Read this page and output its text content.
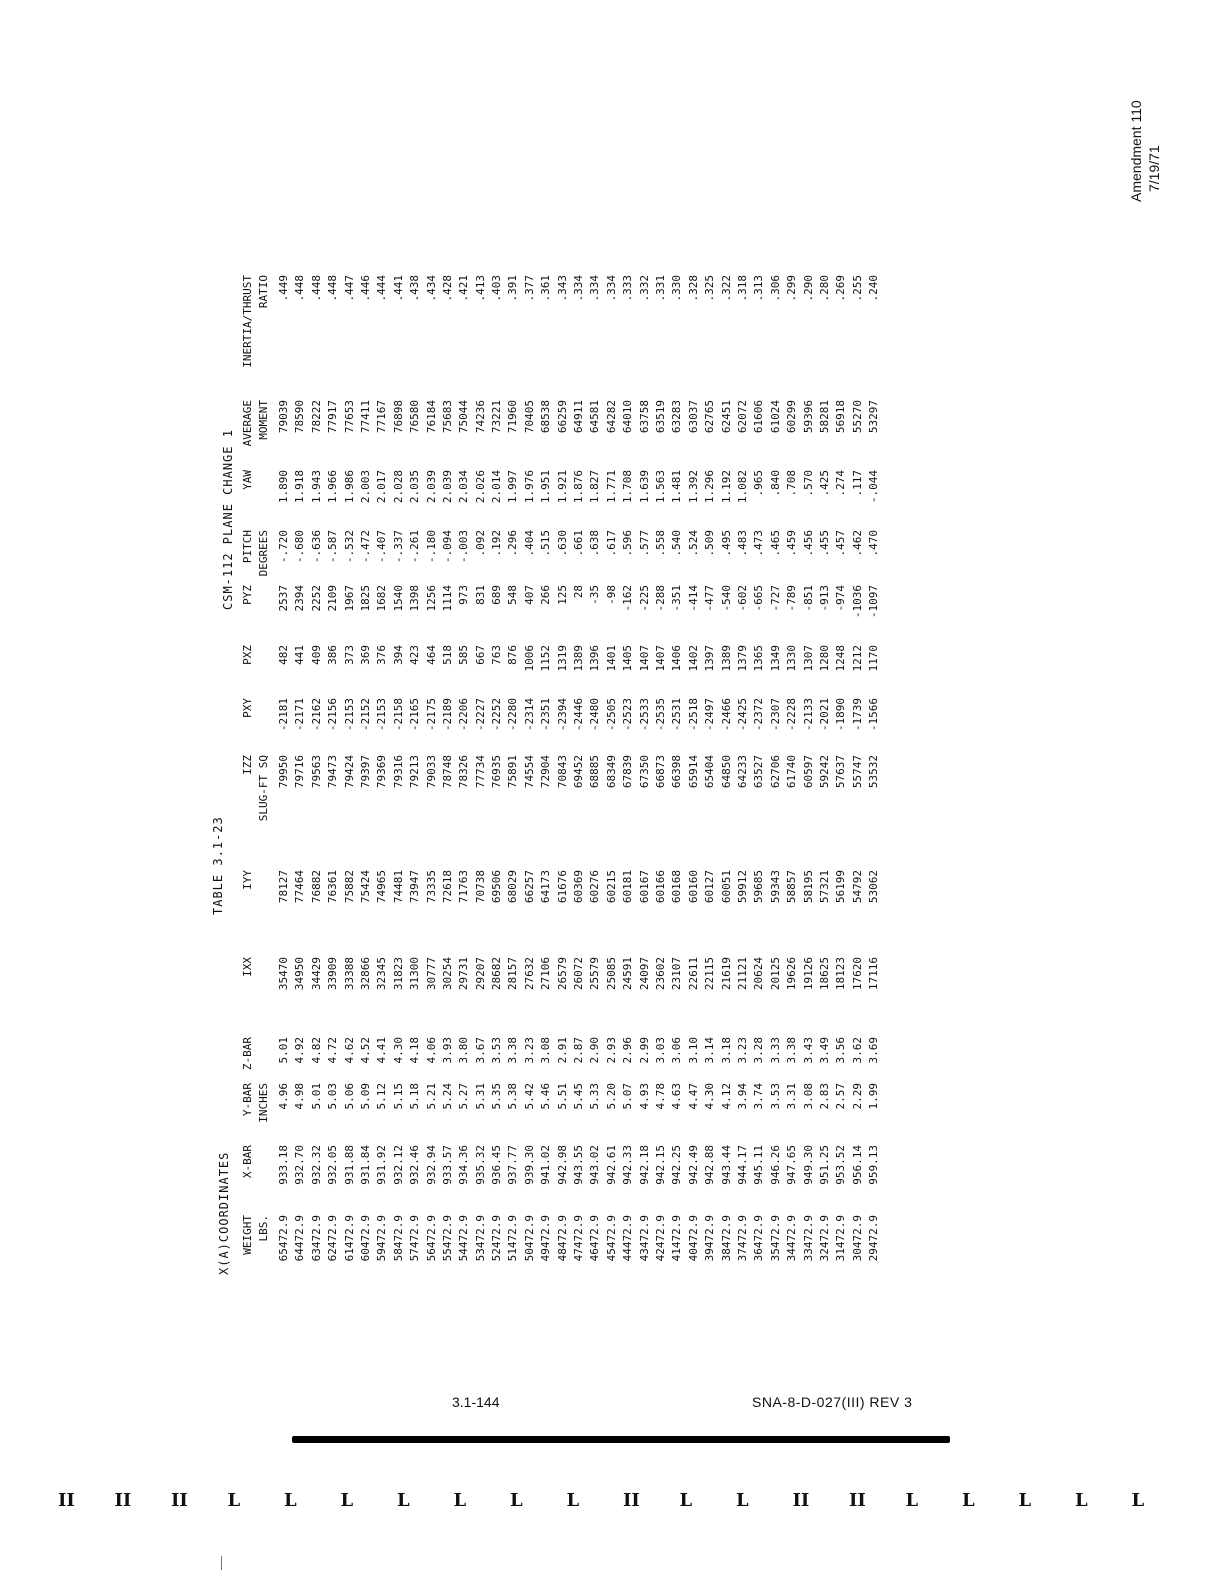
Amendment 110 7/19/71
WEIGHT LBS.
X-BAR
Y-BAR INCHES
Z-BAR
IXX
IYY
IZZ SLUG-FT SQ
PXY
PXZ
PYZ
PITCH DEGREES
YAW
AVERAGE MOMENT
INERTIA/THRUST RATIO
65472.9
933.18
4.96
5.01
35470
78127
79950
-2181
482
2537
-.720
1.890
79039
.449
64472.9
932.70
4.98
4.92
34950
77464
79716
-2171
441
2394
-.680
1.918
78590
.448
63472.9
932.32
5.01
4.82
34429
76882
79563
-2162
409
2252
-.636
1.943
78222
.448
62472.9
932.05
5.03
4.72
33909
76361
79473
-2156
386
2109
-.587
1.966
77917
.448
61472.9
931.88
5.06
4.62
33388
75882
79424
-2153
373
1967
-.532
1.986
77653
.447
60472.9
931.84
5.09
4.52
32866
75424
79397
-2152
369
1825
-.472
2.003
77411
.446
59472.9
931.92
5.12
4.41
32345
74965
79369
-2153
376
1682
-.407
2.017
77167
.444
58472.9
932.12
5.15
4.30
31823
74481
79316
-2158
394
1540
-.337
2.028
76898
.441
57472.9
932.46
5.18
4.18
31300
73947
79213
-2165
423
1398
-.261
2.035
76580
.438
56472.9
932.94
5.21
4.06
30777
73335
79033
-2175
464
1256
-.180
2.039
76184
.434
55472.9
933.57
5.24
3.93
30254
72618
78748
-2189
518
1114
-.094
2.039
75683
.428
54472.9
934.36
5.27
3.80
29731
71763
78326
-2206
585
973
-.003
2.034
75044
.421
53472.9
935.32
5.31
3.67
29207
70738
77734
-2227
667
831
.092
2.026
74236
.413
52472.9
936.45
5.35
3.53
28682
69506
76935
-2252
763
689
.192
2.014
73221
.403
51472.9
937.77
5.38
3.38
28157
68029
75891
-2280
876
548
.296
1.997
71960
.391
50472.9
939.30
5.42
3.23
27632
66257
74554
-2314
1006
407
.404
1.976
70405
.377
49472.9
941.02
5.46
3.08
27106
64173
72904
-2351
1152
266
.515
1.951
68538
.361
48472.9
942.98
5.51
2.91
26579
61676
70843
-2394
1319
125
.630
1.921
66259
.343
47472.9
943.55
5.45
2.87
26072
60369
69452
-2446
1389
28
.661
1.876
64911
.334
46472.9
943.02
5.33
2.90
25579
60276
68885
-2480
1396
-35
.638
1.827
64581
.334
45472.9
942.61
5.20
2.93
25085
60215
68349
-2505
1401
-98
.617
1.771
64282
.334
44472.9
942.33
5.07
2.96
24591
60181
67839
-2523
1405
-162
.596
1.708
64010
.333
43472.9
942.18
4.93
2.99
24097
60167
67350
-2533
1407
-225
.577
1.639
63758
.332
42472.9
942.15
4.78
3.03
23602
60166
66873
-2535
1407
-288
.558
1.563
63519
.331
41472.9
942.25
4.63
3.06
23107
60168
66398
-2531
1406
-351
.540
1.481
63283
.330
40472.9
942.49
4.47
3.10
22611
60160
65914
-2518
1402
-414
.524
1.392
63037
.328
39472.9
942.88
4.30
3.14
22115
60127
65404
-2497
1397
-477
.509
1.296
62765
.325
38472.9
943.44
4.12
3.18
21619
60051
64850
-2466
1389
-540
.495
1.192
62451
.322
37472.9
944.17
3.94
3.23
21121
59912
64233
-2425
1379
-602
.483
1.082
62072
.318
36472.9
945.11
3.74
3.28
20624
59685
63527
-2372
1365
-665
.473
.965
61606
.313
35472.9
946.26
3.53
3.33
20125
59343
62706
-2307
1349
-727
.465
.840
61024
.306
34472.9
947.65
3.31
3.38
19626
58857
61740
-2228
1330
-789
.459
.708
60299
.299
33472.9
949.30
3.08
3.43
19126
58195
60597
-2133
1307
-851
.456
.570
59396
.290
32472.9
951.25
2.83
3.49
18625
57321
59242
-2021
1280
-913
.455
.425
58281
.280
31472.9
953.52
2.57
3.56
18123
56199
57637
-1890
1248
-974
.457
.274
56918
.269
30472.9
956.14
2.29
3.62
17620
54792
55747
-1739
1212
-1036
.462
.117
55270
.255
29472.9
959.13
1.99
3.69
17116
53062
53532
-1566
1170
-1097
.470
-.044
53297
.240
X(A)COORDINATES
TABLE 3.1-23
CSM-112 PLANE CHANGE 1
3.1-144	SNA-8-D-027(III) REV 3
II II II L L L L L L L II L L II II L L L L L
